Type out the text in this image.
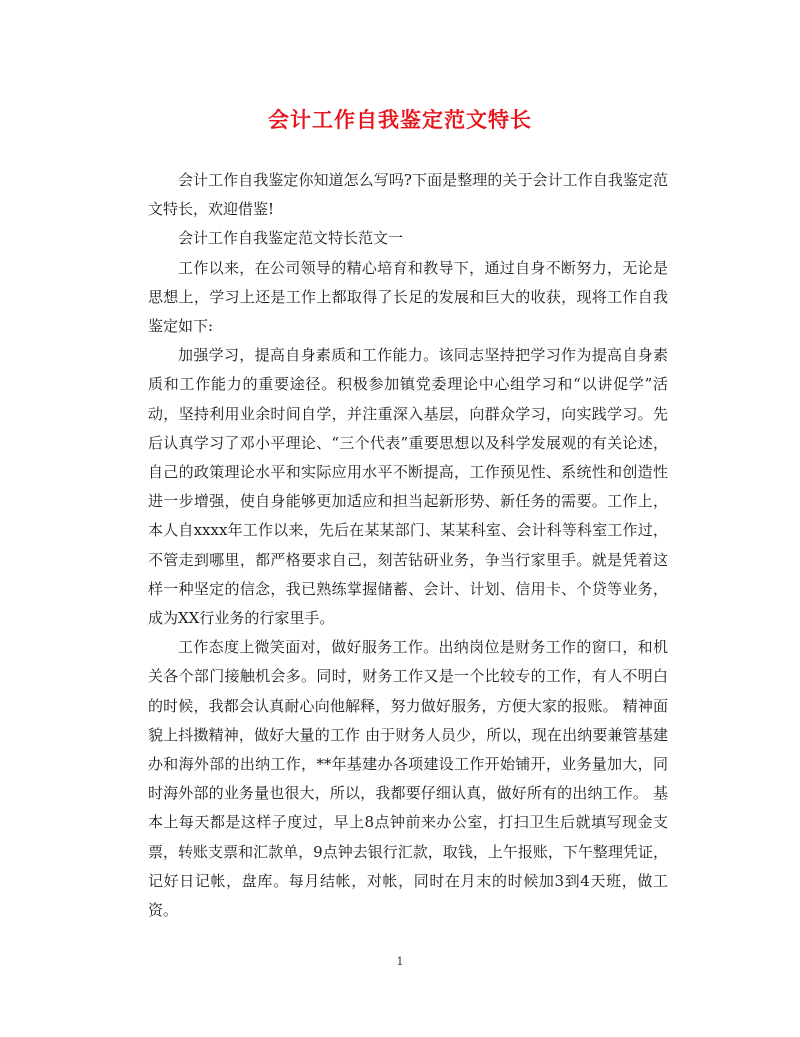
会计工作自我鉴定范文特长

会计工作自我鉴定你知道怎么写吗?下面是整理的关于会计工作自我鉴定范文特长，欢迎借鉴!

会计工作自我鉴定范文特长范文一

工作以来，在公司领导的精心培育和教导下，通过自身不断努力，无论是思想上，学习上还是工作上都取得了长足的发展和巨大的收获，现将工作自我鉴定如下:

加强学习，提高自身素质和工作能力。该同志坚持把学习作为提高自身素质和工作能力的重要途径。积极参加镇党委理论中心组学习和“以讲促学”活动，坚持利用业余时间自学，并注重深入基层，向群众学习，向实践学习。先后认真学习了邓小平理论、“三个代表”重要思想以及科学发展观的有关论述，自己的政策理论水平和实际应用水平不断提高，工作预见性、系统性和创造性进一步增强，使自身能够更加适应和担当起新形势、新任务的需要。工作上，本人自xxxx年工作以来，先后在某某部门、某某科室、会计科等科室工作过，不管走到哪里，都严格要求自己，刻苦钻研业务，争当行家里手。就是凭着这样一种坚定的信念，我已熟练掌握储蓄、会计、计划、信用卡、个贷等业务，成为XX行业务的行家里手。

工作态度上微笑面对，做好服务工作。出纳岗位是财务工作的窗口，和机关各个部门接触机会多。同时，财务工作又是一个比较专的工作，有人不明白的时候，我都会认真耐心向他解释，努力做好服务，方便大家的报账。 精神面貌上抖擞精神，做好大量的工作 由于财务人员少，所以，现在出纳要兼管基建办和海外部的出纳工作，**年基建办各项建设工作开始铺开，业务量加大，同时海外部的业务量也很大，所以，我都要仔细认真，做好所有的出纳工作。 基本上每天都是这样子度过，早上8点钟前来办公室，打扫卫生后就填写现金支票，转账支票和汇款单，9点钟去银行汇款，取钱，上午报账，下午整理凭证，记好日记帐，盘库。每月结帐，对帐，同时在月末的时候加3到4天班，做工资。

1
